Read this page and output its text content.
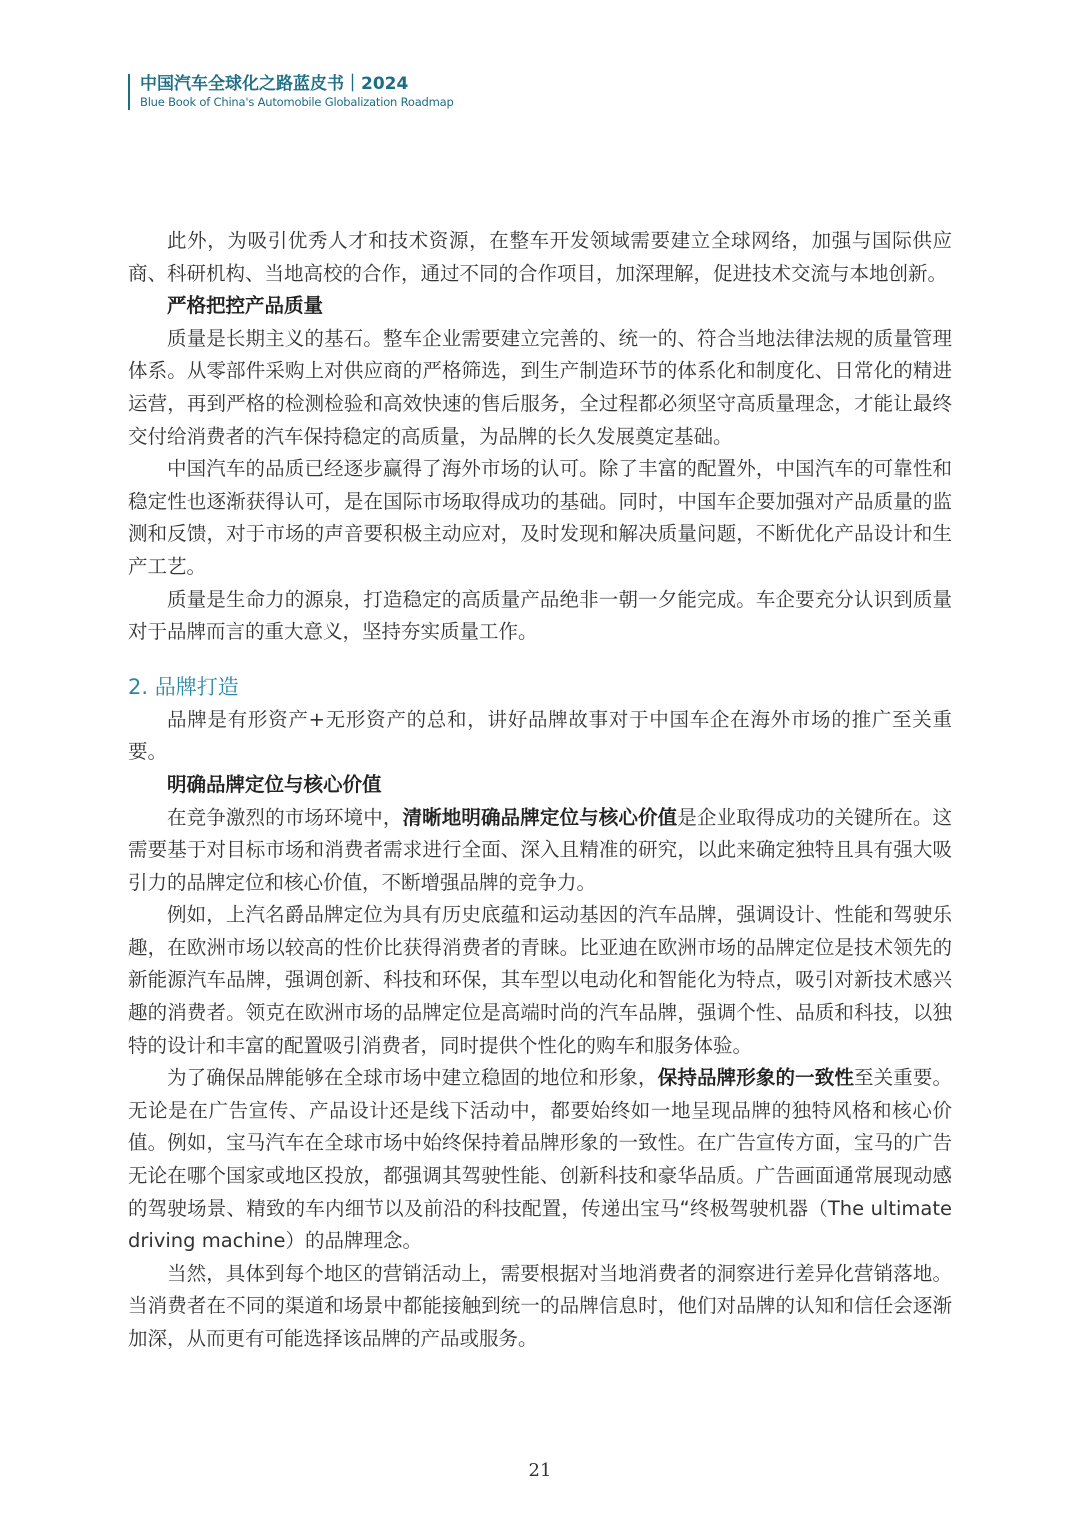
中国汽车全球化之路蓝皮书｜2024
Blue Book of China's Automobile Globalization Roadmap

此外，为吸引优秀人才和技术资源，在整车开发领域需要建立全球网络，加强与国际供应商、科研机构、当地高校的合作，通过不同的合作项目，加深理解，促进技术交流与本地创新。

严格把控产品质量

质量是长期主义的基石。整车企业需要建立完善的、统一的、符合当地法律法规的质量管理体系。从零部件采购上对供应商的严格筛选，到生产制造环节的体系化和制度化、日常化的精进运营，再到严格的检测检验和高效快速的售后服务，全过程都必须坚守高质量理念，才能让最终交付给消费者的汽车保持稳定的高质量，为品牌的长久发展奠定基础。

中国汽车的品质已经逐步赢得了海外市场的认可。除了丰富的配置外，中国汽车的可靠性和稳定性也逐渐获得认可，是在国际市场取得成功的基础。同时，中国车企要加强对产品质量的监测和反馈，对于市场的声音要积极主动应对，及时发现和解决质量问题，不断优化产品设计和生产工艺。

质量是生命力的源泉，打造稳定的高质量产品绝非一朝一夕能完成。车企要充分认识到质量对于品牌而言的重大意义，坚持夯实质量工作。

2. 品牌打造

品牌是有形资产+无形资产的总和，讲好品牌故事对于中国车企在海外市场的推广至关重要。

明确品牌定位与核心价值

在竞争激烈的市场环境中，清晰地明确品牌定位与核心价值是企业取得成功的关键所在。这需要基于对目标市场和消费者需求进行全面、深入且精准的研究，以此来确定独特且具有强大吸引力的品牌定位和核心价值，不断增强品牌的竞争力。

例如，上汽名爵品牌定位为具有历史底蕴和运动基因的汽车品牌，强调设计、性能和驾驶乐趣，在欧洲市场以较高的性价比获得消费者的青睐。比亚迪在欧洲市场的品牌定位是技术领先的新能源汽车品牌，强调创新、科技和环保，其车型以电动化和智能化为特点，吸引对新技术感兴趣的消费者。领克在欧洲市场的品牌定位是高端时尚的汽车品牌，强调个性、品质和科技，以独特的设计和丰富的配置吸引消费者，同时提供个性化的购车和服务体验。

为了确保品牌能够在全球市场中建立稳固的地位和形象，保持品牌形象的一致性至关重要。无论是在广告宣传、产品设计还是线下活动中，都要始终如一地呈现品牌的独特风格和核心价值。例如，宝马汽车在全球市场中始终保持着品牌形象的一致性。在广告宣传方面，宝马的广告无论在哪个国家或地区投放，都强调其驾驶性能、创新科技和豪华品质。广告画面通常展现动感的驾驶场景、精致的车内细节以及前沿的科技配置，传递出宝马“终极驾驶机器（The ultimate driving machine）的品牌理念。

当然，具体到每个地区的营销活动上，需要根据对当地消费者的洞察进行差异化营销落地。当消费者在不同的渠道和场景中都能接触到统一的品牌信息时，他们对品牌的认知和信任会逐渐加深，从而更有可能选择该品牌的产品或服务。

21
